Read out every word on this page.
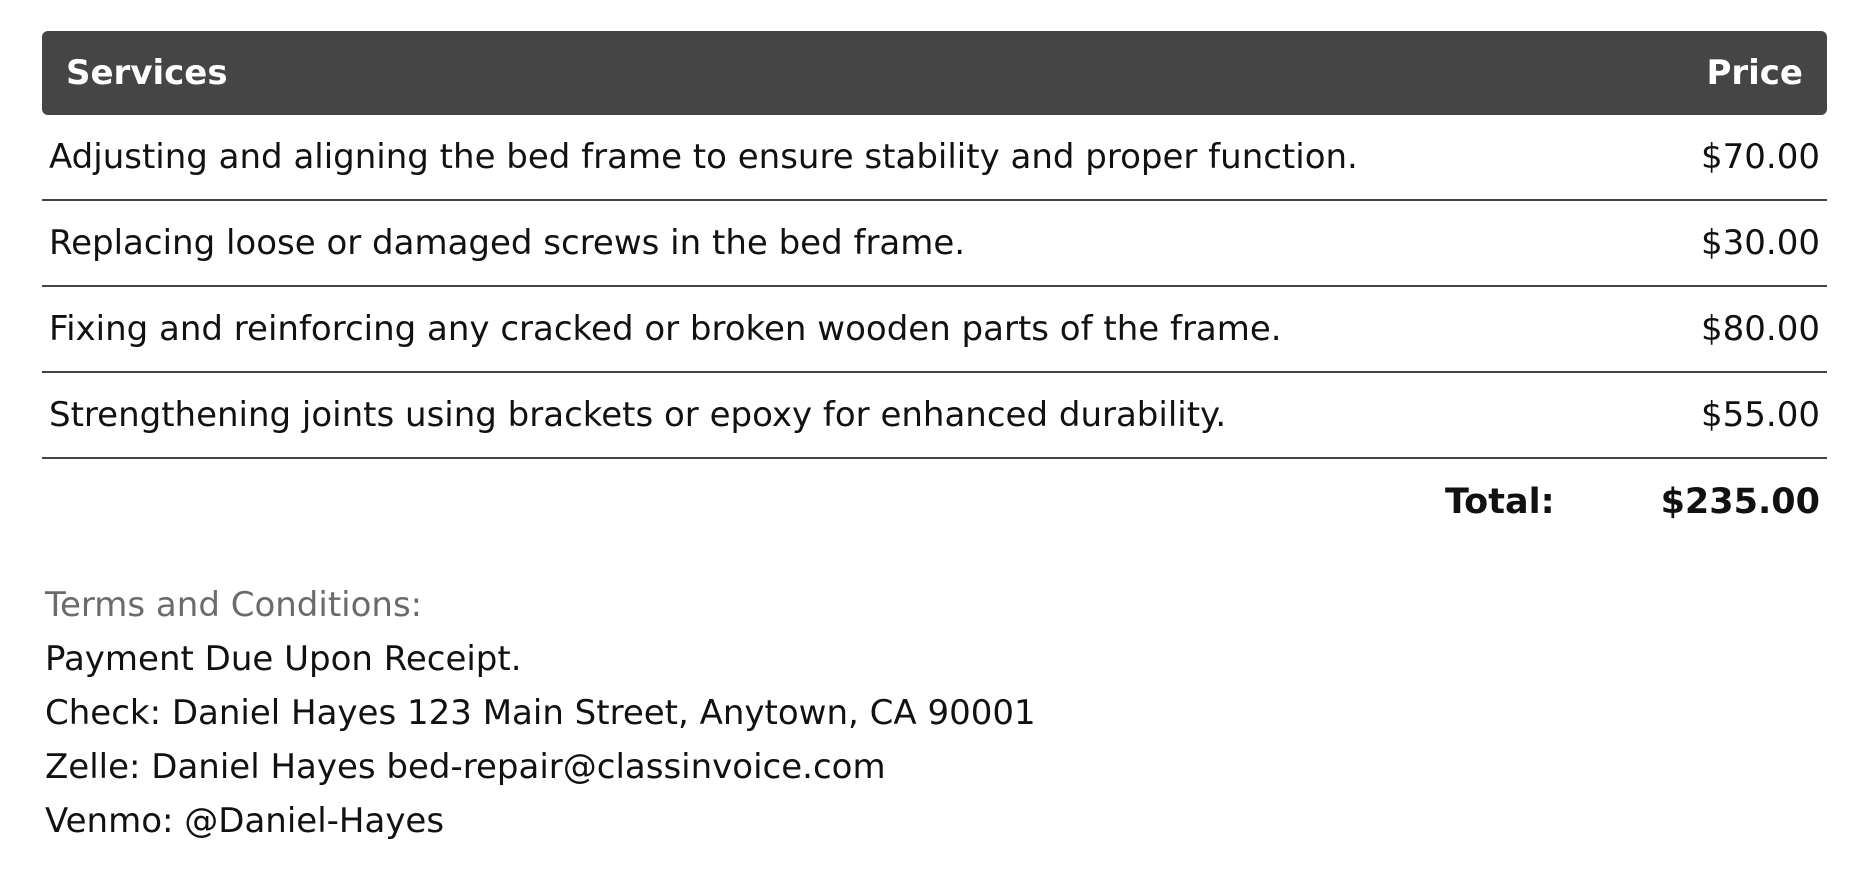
Services	Price
Adjusting and aligning the bed frame to ensure stability and proper function.	$70.00
Replacing loose or damaged screws in the bed frame.	$30.00
Fixing and reinforcing any cracked or broken wooden parts of the frame.	$80.00
Strengthening joints using brackets or epoxy for enhanced durability.	$55.00
Total:	$235.00
Terms and Conditions:
Payment Due Upon Receipt.
Check: Daniel Hayes 123 Main Street, Anytown, CA 90001
Zelle: Daniel Hayes bed-repair@classinvoice.com
Venmo: @Daniel-Hayes
